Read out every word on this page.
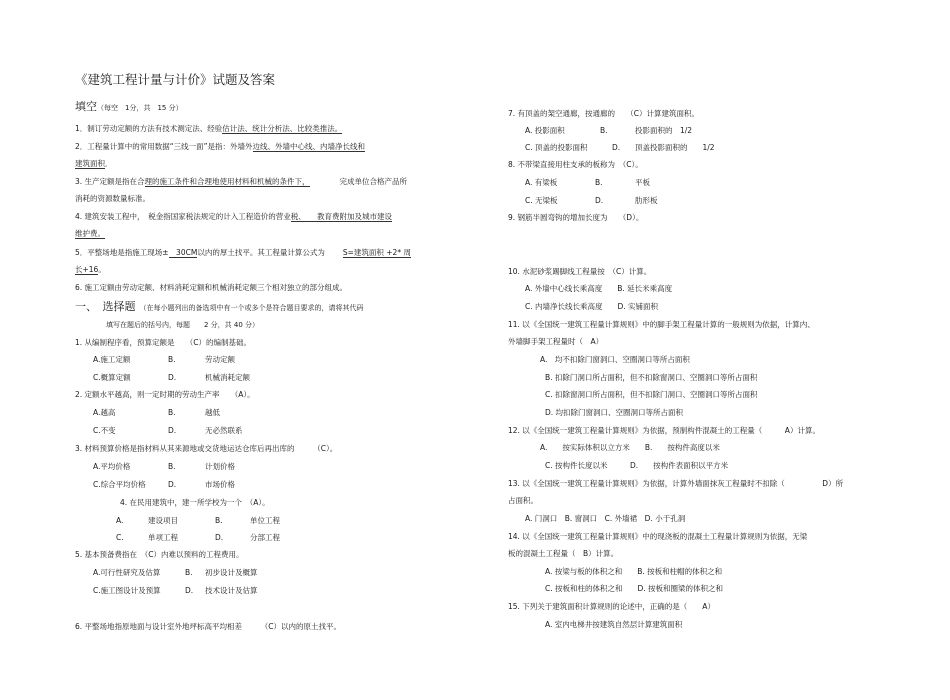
《建筑工程计量与计价》试题及答案
填空（每空　1分，共　15 分）
1．制订劳动定额的方法有技术测定法、经验估计法、统计分析法、比较类推法。
2．工程量计算中的常用数据“三线一面”是指：外墙外边线、外墙中心线、内墙净长线和
建筑面积．
3. 生产定额是指在合理的施工条件和合理地使用材料和机械的条件下，	完成单位合格产品所
消耗的资源数量标准。
4. 建筑安装工程中，　税金指国家税法规定的计入工程造价的营业税、　　教育费附加及城市建设
维护费。
5．平整场地是指施工现场±　30CM以内的厚土找平。其工程量计算公式为 S=建筑面积 +2* 周
长+16。
6. 施工定额由劳动定额、材料消耗定额和机械消耗定额三个相对独立的部分组成。
一、　选择题 （在每小题列出的备选项中有一个或多个是符合题目要求的，请将其代码
填写在题后的括号内，每题　　2 分，共 40 分）
1. 从编制程序看，预算定额是　　（C）的编制基础。
A.施工定额	B.	劳动定额
C.概算定额	D.	机械消耗定额
2. 定额水平越高，则一定时期的劳动生产率　　（A）。
A.越高	B.	越低
C.不变	D.	无必然联系
3. 材料预算价格是指材料从其来源地或交货地运达仓库后再出库的　　　（C）。
A.平均价格	B.	计划价格
C.综合平均价格	D.	市场价格
4. 在民用建筑中，建一所学校为一个　（A）。
A.	建设项目	B.	单位工程
C.	单项工程	D.	分部工程
5. 基本预备费指在　（C）内难以预料的工程费用。
A.可行性研究及估算	B. 初步设计及概算
C.施工图设计及预算	D. 技术设计及估算
6. 平整场地指原地面与设计室外地坪标高平均相差　　　（C）以内的原土找平。
7. 有顶盖的架空通廊，按通廊的　　（C）计算建筑面积。
A. 投影面积	B.	投影面积的　1/2
C. 顶盖的投影面积	D. 顶盖投影面积的　　1/2
8. 不带梁直接用柱支承的板称为　（C）。
A. 有梁板	B.	平板
C. 无梁板	D.	肋形板
9. 钢筋半圆弯钩的增加长度为　　（D）。
10. 水泥砂浆踢脚线工程量按　（C）计算。
A. 外墙中心线长乘高度　　B. 延长米乘高度
C. 内墙净长线长乘高度　　D. 实铺面积
11. 以《全国统一建筑工程量计算规则》中的脚手架工程量计算的一般规则为依据，计算内、
外墙脚手架工程量时（　A）
A.　均不扣除门窗洞口、空圈洞口等所占面积
B. 扣除门洞口所占面积，但不扣除窗洞口、空圈洞口等所占面积
C. 扣除窗洞口所占面积，但不扣除门洞口、空圈洞口等所占面积
D. 均扣除门窗洞口、空圈洞口等所占面积
12. 以《全国统一建筑工程量计算规则》为依据，预制构件混凝土的工程量（　　　A）计算。
A.　　按实际体积以立方米　　B.　　按构件高度以米
C. 按构件长度以米　　　D.　　按构件表面积以平方米
13. 以《全国统一建筑工程量计算规则》为依据，计算外墙面抹灰工程量时不扣除（　　　　　D）所
占面积。
A. 门洞口　B. 窗洞口　C. 外墙裙　D. 小于孔洞
14. 以《全国统一建筑工程量计算规则》中的现浇板的混凝土工程量计算规则为依据，无梁
板的混凝土工程量（　B）计算。
A. 按梁与板的体积之和　　B. 按板和柱帽的体积之和
C. 按板和柱的体积之和　　D. 按板和圈梁的体积之和
15. 下列关于建筑面积计算规则的论述中，正确的是（　　A）
A. 室内电梯井按建筑自然层计算建筑面积
